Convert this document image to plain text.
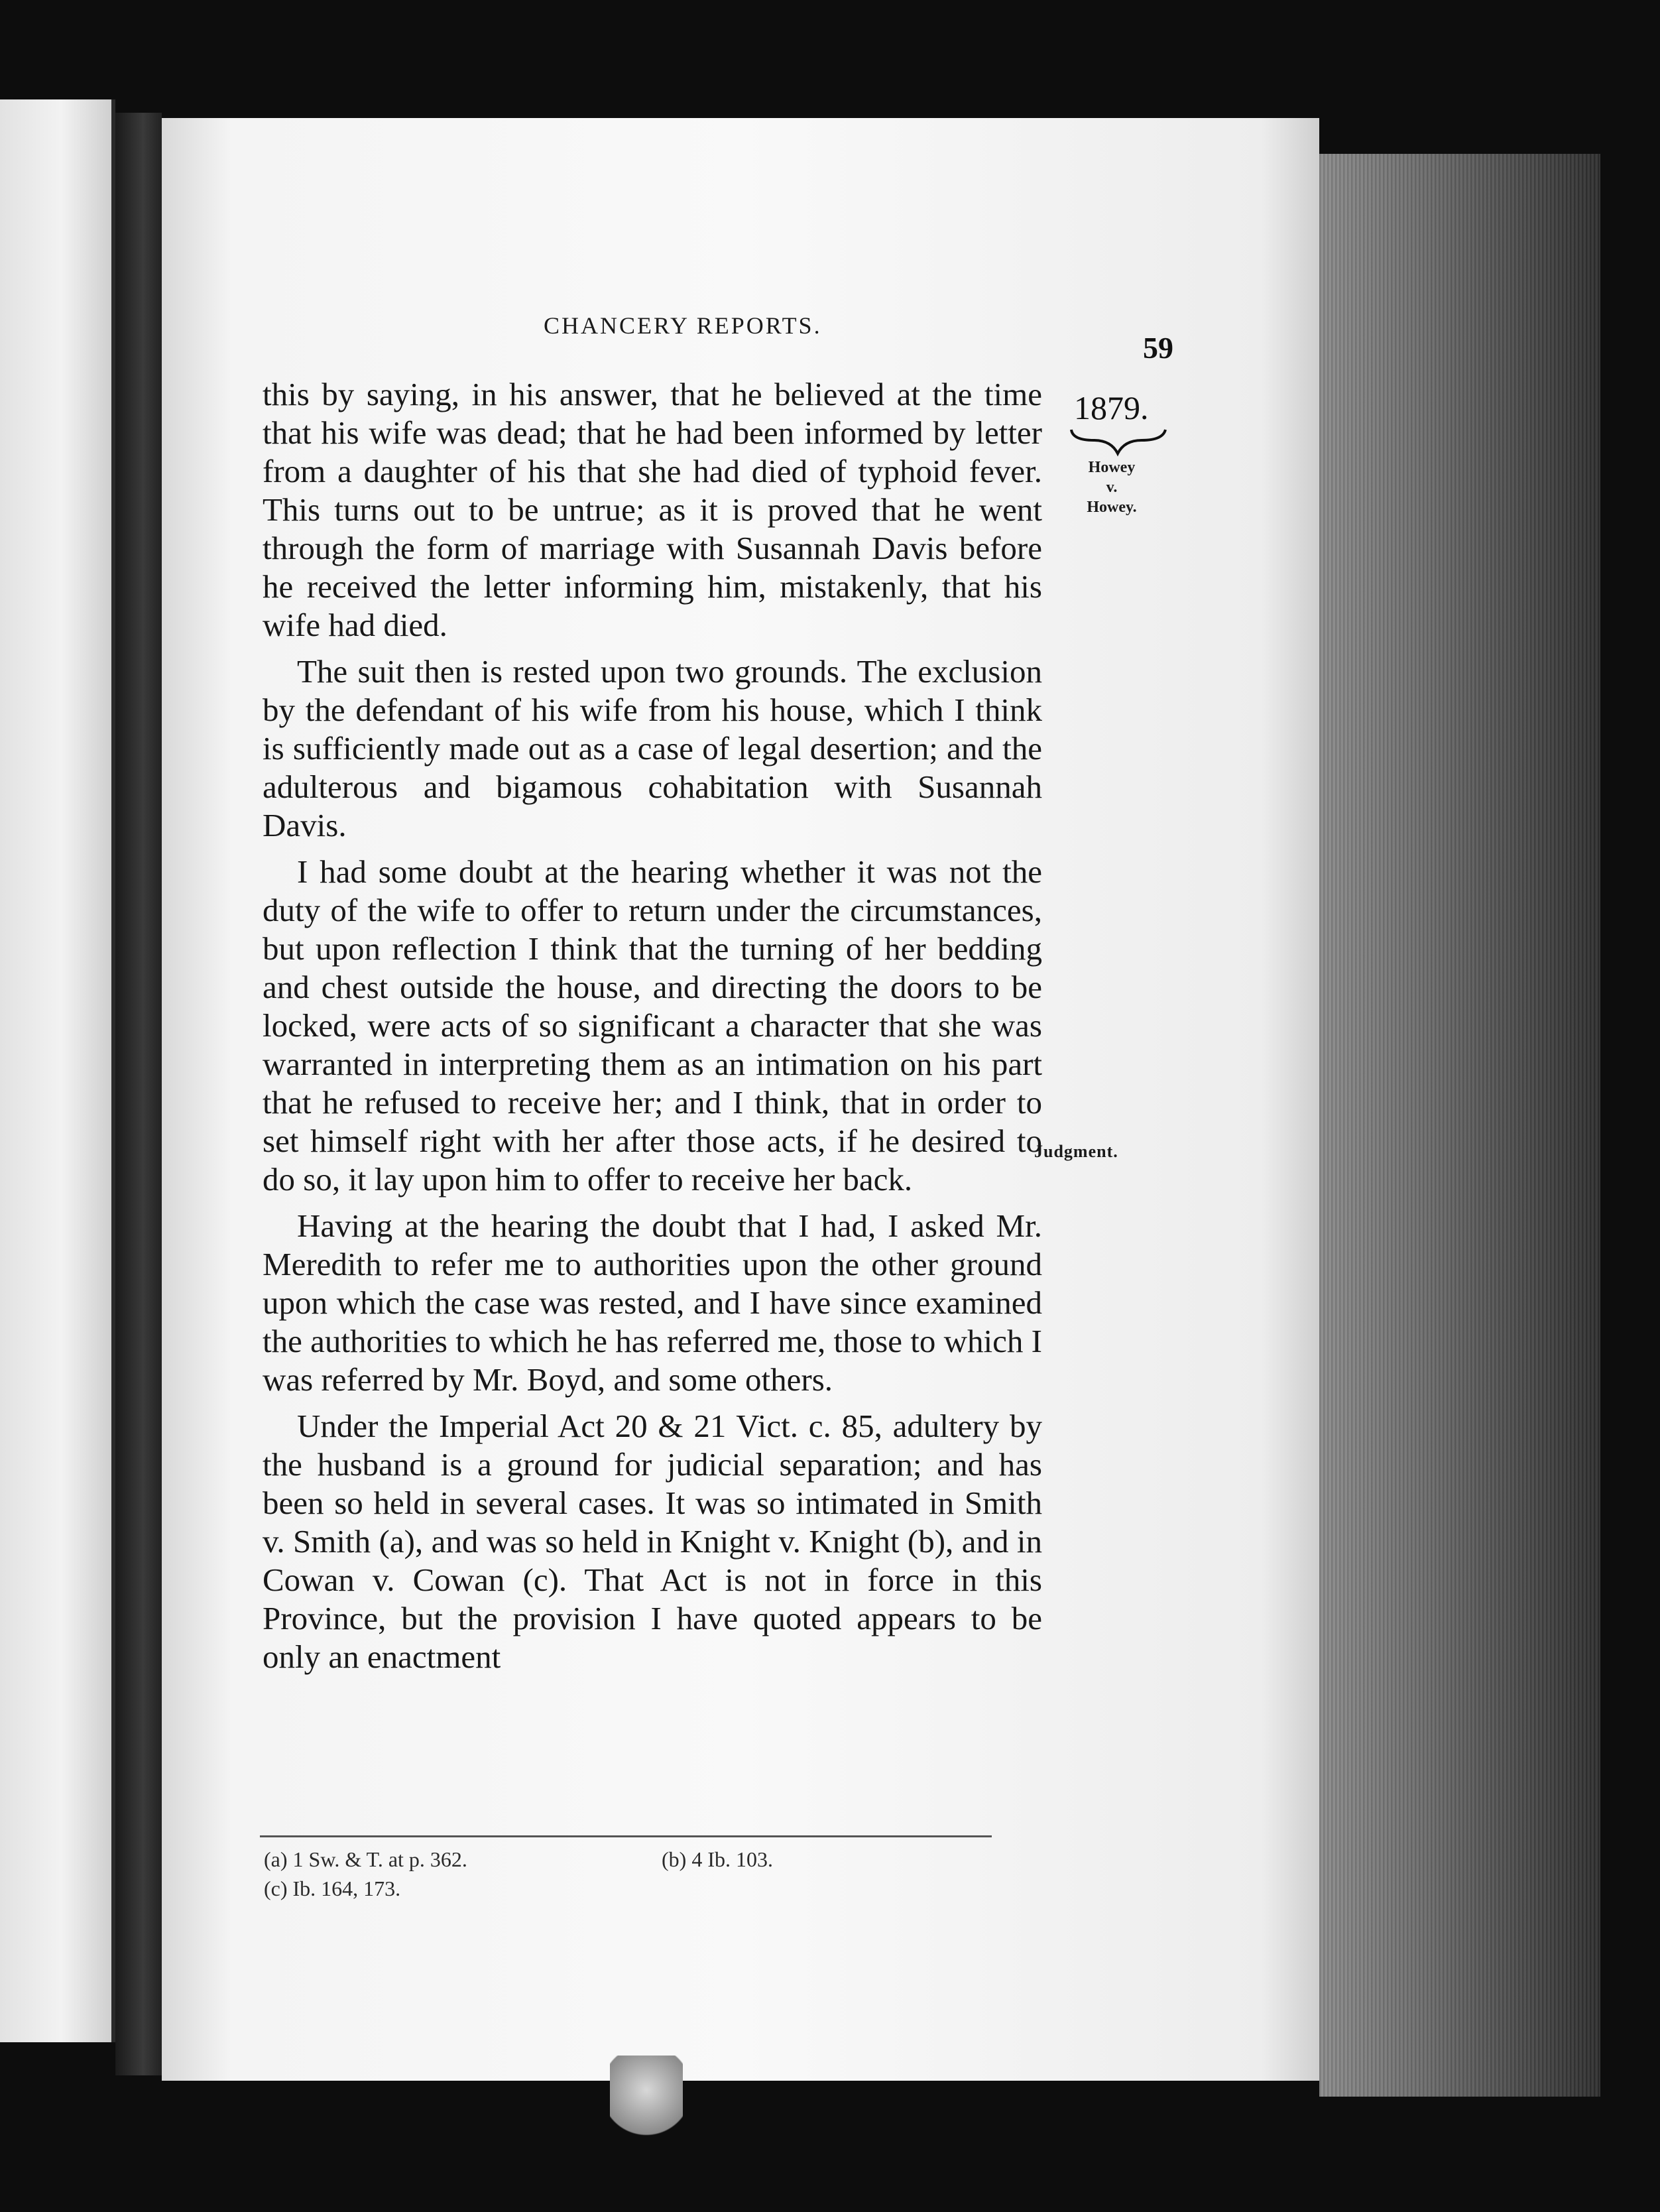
CHANCERY REPORTS.
59
1879.
Howey
v.
Howey.
Judgment.

this by saying, in his answer, that he believed at the time that his wife was dead; that he had been informed by letter from a daughter of his that she had died of typhoid fever. This turns out to be untrue; as it is proved that he went through the form of marriage with Susannah Davis before he received the letter informing him, mistakenly, that his wife had died.

The suit then is rested upon two grounds. The exclusion by the defendant of his wife from his house, which I think is sufficiently made out as a case of legal desertion; and the adulterous and bigamous cohabitation with Susannah Davis.

I had some doubt at the hearing whether it was not the duty of the wife to offer to return under the circumstances, but upon reflection I think that the turning of her bedding and chest outside the house, and directing the doors to be locked, were acts of so significant a character that she was warranted in interpreting them as an intimation on his part that he refused to receive her; and I think, that in order to set himself right with her after those acts, if he desired to do so, it lay upon him to offer to receive her back.

Having at the hearing the doubt that I had, I asked Mr. Meredith to refer me to authorities upon the other ground upon which the case was rested, and I have since examined the authorities to which he has referred me, those to which I was referred by Mr. Boyd, and some others.

Under the Imperial Act 20 & 21 Vict. c. 85, adultery by the husband is a ground for judicial separation; and has been so held in several cases. It was so intimated in Smith v. Smith (a), and was so held in Knight v. Knight (b), and in Cowan v. Cowan (c). That Act is not in force in this Province, but the provision I have quoted appears to be only an enactment

(a) 1 Sw. & T. at p. 362.	(b) 4 Ib. 103.
(c) Ib. 164, 173.
